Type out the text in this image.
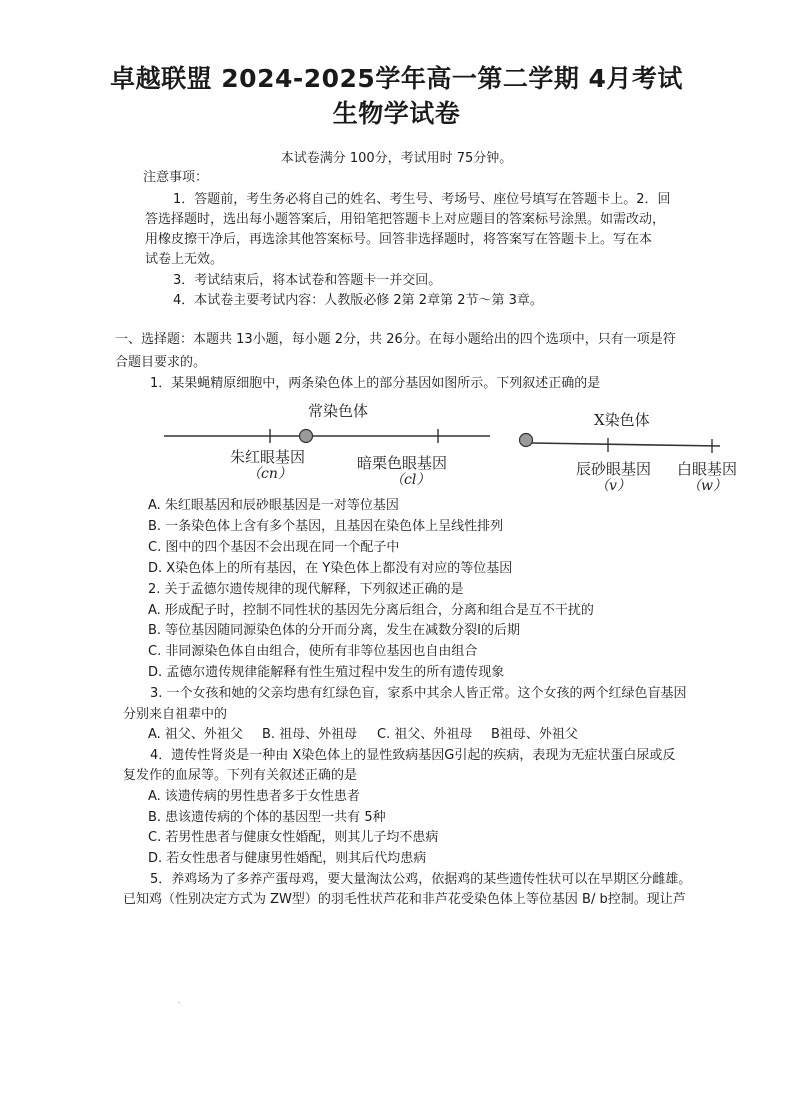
卓越联盟 2024-2025学年高一第二学期 4月考试
生物学试卷
本试卷满分 100分，考试用时 75分钟。
注意事项：
1．答题前，考生务必将自己的姓名、考生号、考场号、座位号填写在答题卡上。2．回
答选择题时，选出每小题答案后，用铅笔把答题卡上对应题目的答案标号涂黑。如需改动，
用橡皮擦干净后，再选涂其他答案标号。回答非选择题时，将答案写在答题卡上。写在本
试卷上无效。
3．考试结束后，将本试卷和答题卡一并交回。
4．本试卷主要考试内容：人教版必修 2第 2章第 2节～第 3章。
一、选择题：本题共 13小题，每小题 2分，共 26分。在每小题给出的四个选项中，只有一项是符
合题目要求的。
1．某果蝇精原细胞中，两条染色体上的部分基因如图所示。下列叙述正确的是
常染色体	X染色体
朱红眼基因
（cn）
暗栗色眼基因
（cl）
辰砂眼基因
（v）
白眼基因
（w）
A. 朱红眼基因和辰砂眼基因是一对等位基因
B. 一条染色体上含有多个基因，且基因在染色体上呈线性排列
C. 图中的四个基因不会出现在同一个配子中
D. X染色体上的所有基因，在 Y染色体上都没有对应的等位基因
2. 关于孟德尔遗传规律的现代解释，下列叙述正确的是
A. 形成配子时，控制不同性状的基因先分离后组合，分离和组合是互不干扰的
B. 等位基因随同源染色体的分开而分离，发生在减数分裂Ⅰ的后期
C. 非同源染色体自由组合，使所有非等位基因也自由组合
D. 孟德尔遗传规律能解释有性生殖过程中发生的所有遗传现象
3. 一个女孩和她的父亲均患有红绿色盲，家系中其余人皆正常。这个女孩的两个红绿色盲基因
分别来自祖辈中的
A. 祖父、外祖父 B. 祖母、外祖母 C. 祖父、外祖母 B祖母、外祖父
4．遗传性肾炎是一种由 X染色体上的显性致病基因G引起的疾病，表现为无症状蛋白尿或反
复发作的血尿等。下列有关叙述正确的是
A. 该遗传病的男性患者多于女性患者
B. 患该遗传病的个体的基因型一共有 5种
C. 若男性患者与健康女性婚配，则其儿子均不患病
D. 若女性患者与健康男性婚配，则其后代均患病
5．养鸡场为了多养产蛋母鸡，要大量淘汰公鸡，依据鸡的某些遗传性状可以在早期区分雌雄。
已知鸡（性别决定方式为 ZW型）的羽毛性状芦花和非芦花受染色体上等位基因 B/ b控制。现让芦
.
